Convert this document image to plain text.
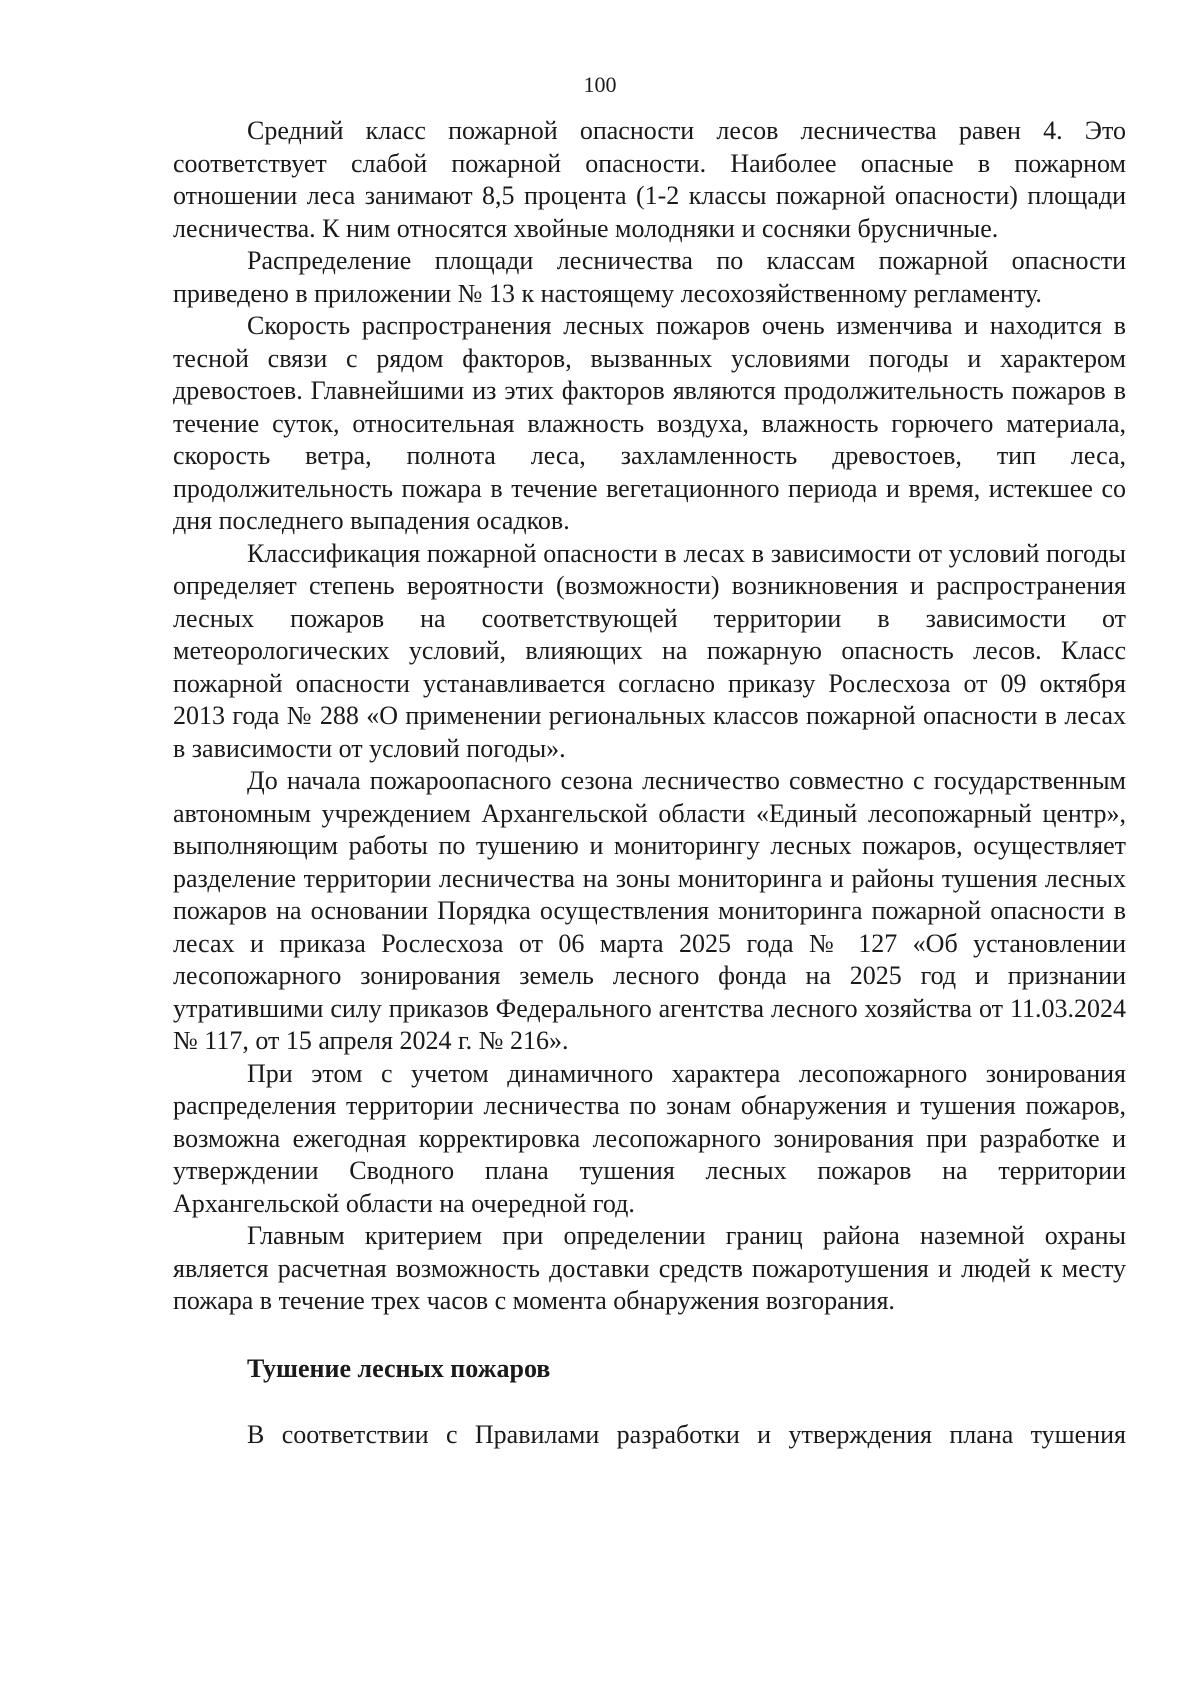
100

Средний класс пожарной опасности лесов лесничества равен 4. Это соответствует слабой пожарной опасности. Наиболее опасные в пожарном отношении леса занимают 8,5 процента (1-2 классы пожарной опасности) площади лесничества. К ним относятся хвойные молодняки и сосняки брусничные.

Распределение площади лесничества по классам пожарной опасности приведено в приложении № 13 к настоящему лесохозяйственному регламенту.

Скорость распространения лесных пожаров очень изменчива и находится в тесной связи с рядом факторов, вызванных условиями погоды и характером древостоев. Главнейшими из этих факторов являются продолжительность пожаров в течение суток, относительная влажность воздуха, влажность горючего материала, скорость ветра, полнота леса, захламленность древостоев, тип леса, продолжительность пожара в течение вегетационного периода и время, истекшее со дня последнего выпадения осадков.

Классификация пожарной опасности в лесах в зависимости от условий погоды определяет степень вероятности (возможности) возникновения и распространения лесных пожаров на соответствующей территории в зависимости от метеорологических условий, влияющих на пожарную опасность лесов. Класс пожарной опасности устанавливается согласно приказу Рослесхоза от 09 октября 2013 года № 288 «О применении региональных классов пожарной опасности в лесах в зависимости от условий погоды».

До начала пожароопасного сезона лесничество совместно с государственным автономным учреждением Архангельской области «Единый лесопожарный центр», выполняющим работы по тушению и мониторингу лесных пожаров, осуществляет разделение территории лесничества на зоны мониторинга и районы тушения лесных пожаров на основании Порядка осуществления мониторинга пожарной опасности в лесах и приказа Рослесхоза от 06 марта 2025 года № 127 «Об установлении лесопожарного зонирования земель лесного фонда на 2025 год и признании утратившими силу приказов Федерального агентства лесного хозяйства от 11.03.2024 № 117, от 15 апреля 2024 г. № 216».

При этом с учетом динамичного характера лесопожарного зонирования распределения территории лесничества по зонам обнаружения и тушения пожаров, возможна ежегодная корректировка лесопожарного зонирования при разработке и утверждении Сводного плана тушения лесных пожаров на территории Архангельской области на очередной год.

Главным критерием при определении границ района наземной охраны является расчетная возможность доставки средств пожаротушения и людей к месту пожара в течение трех часов с момента обнаружения возгорания.

Тушение лесных пожаров

В соответствии с Правилами разработки и утверждения плана тушения
